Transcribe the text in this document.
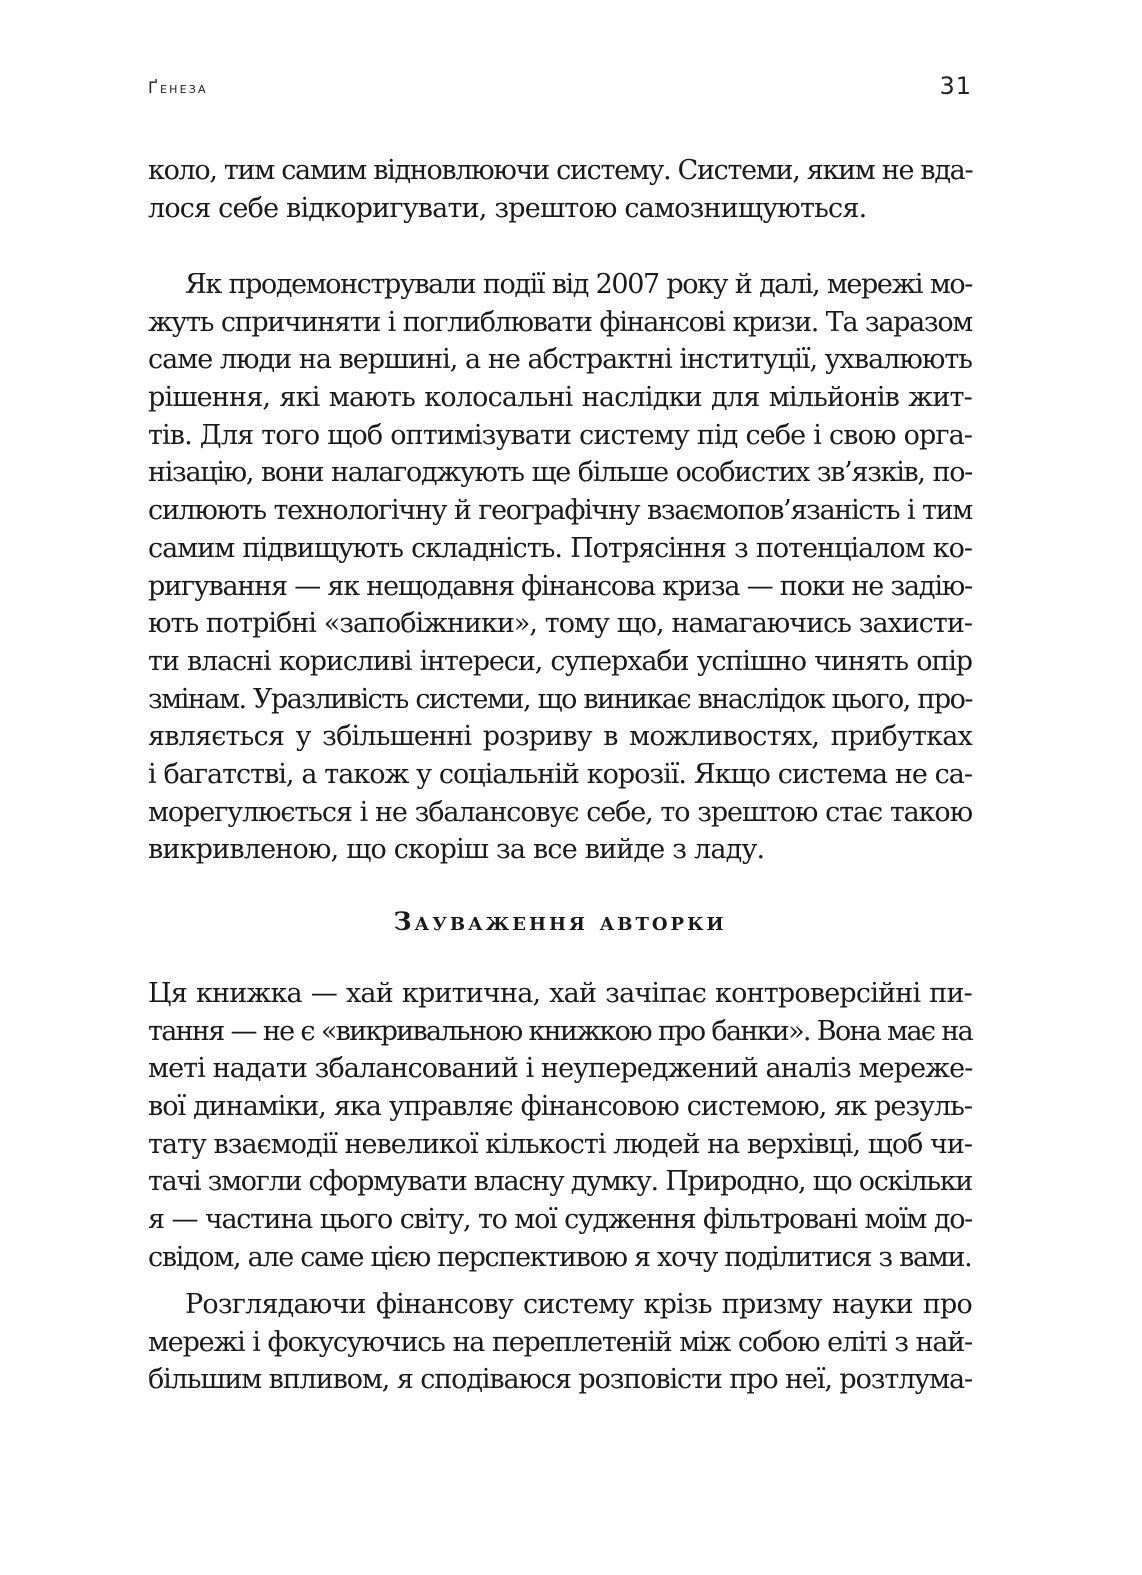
Ґенеза	31
коло, тим самим відновлюючи систему. Системи, яким не вда-
лося себе відкоригувати, зрештою самознищуються.
Як продемонстрували події від 2007 року й далі, мережі мо-
жуть спричиняти і поглиблювати фінансові кризи. Та заразом
саме люди на вершині, а не абстрактні інституції, ухвалюють
рішення, які мають колосальні наслідки для мільйонів жит-
тів. Для того щоб оптимізувати систему під себе і свою орга-
нізацію, вони налагоджують ще більше особистих зв’язків, по-
силюють технологічну й географічну взаємопов’язаність і тим
самим підвищують складність. Потрясіння з потенціалом ко-
ригування — як нещодавня фінансова криза — поки не задію-
ють потрібні «запобіжники», тому що, намагаючись захисти-
ти власні корисливі інтереси, суперхаби успішно чинять опір
змінам. Уразливість системи, що виникає внаслідок цього, про-
являється у збільшенні розриву в можливостях, прибутках
і багатстві, а також у соціальній корозії. Якщо система не са-
морегулюється і не збалансовує себе, то зрештою стає такою
викривленою, що скоріш за все вийде з ладу.
Зауваження авторки
Ця книжка — хай критична, хай зачіпає контроверсійні пи-
тання — не є «викривальною книжкою про банки». Вона має на
меті надати збалансований і неупереджений аналіз мереже-
вої динаміки, яка управляє фінансовою системою, як резуль-
тату взаємодії невеликої кількості людей на верхівці, щоб чи-
тачі змогли сформувати власну думку. Природно, що оскільки
я — частина цього світу, то мої судження фільтровані моїм до-
свідом, але саме цією перспективою я хочу поділитися з вами.
Розглядаючи фінансову систему крізь призму науки про
мережі і фокусуючись на переплетеній між собою еліті з най-
більшим впливом, я сподіваюся розповісти про неї, розтлума-
